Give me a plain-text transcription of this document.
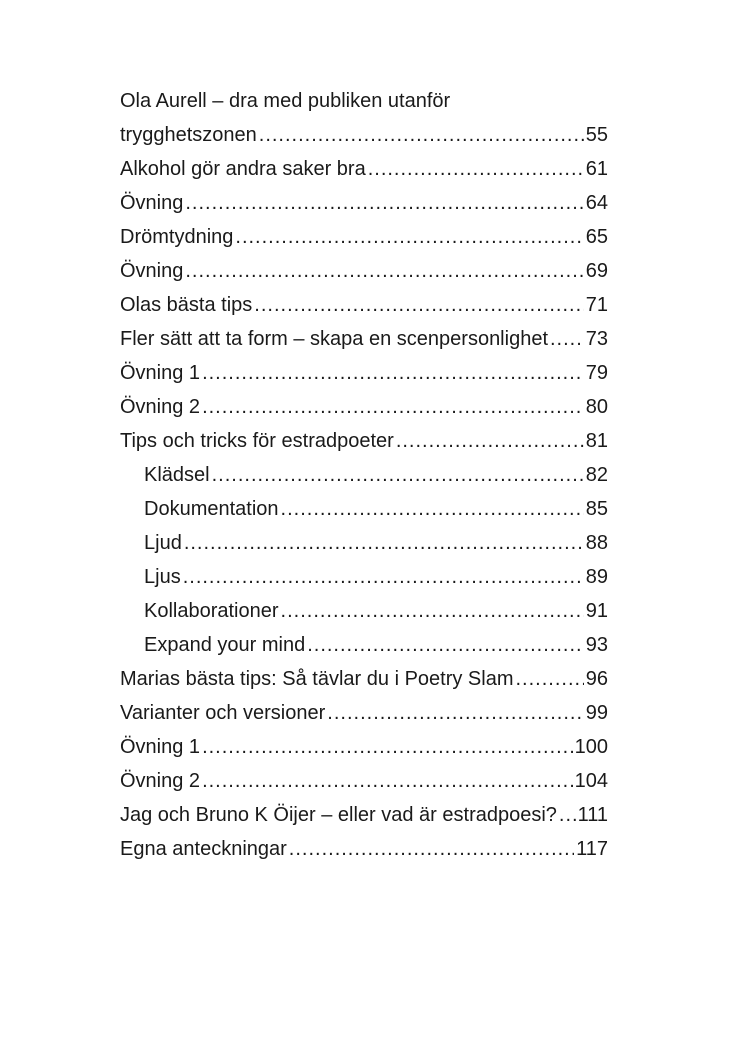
Ola Aurell – dra med publiken utanför
trygghetszonen .....	55
Alkohol gör andra saker bra .....	61
Övning .....	64
Drömtydning .....	65
Övning .....	69
Olas bästa tips .....	71
Fler sätt att ta form – skapa en scenpersonlighet ..... 73
Övning 1 .....	79
Övning 2 .....	80
Tips och tricks för estradpoeter .....	81
Klädsel .....	82
Dokumentation .....	85
Ljud .....	88
Ljus .....	89
Kollaborationer .....	91
Expand your mind .....	93
Marias bästa tips: Så tävlar du i Poetry Slam .....	96
Varianter och versioner .....	99
Övning 1 .....	100
Övning 2 .....	104
Jag och Bruno K Öijer – eller vad är estradpoesi? ..... 111
Egna anteckningar .....	117
